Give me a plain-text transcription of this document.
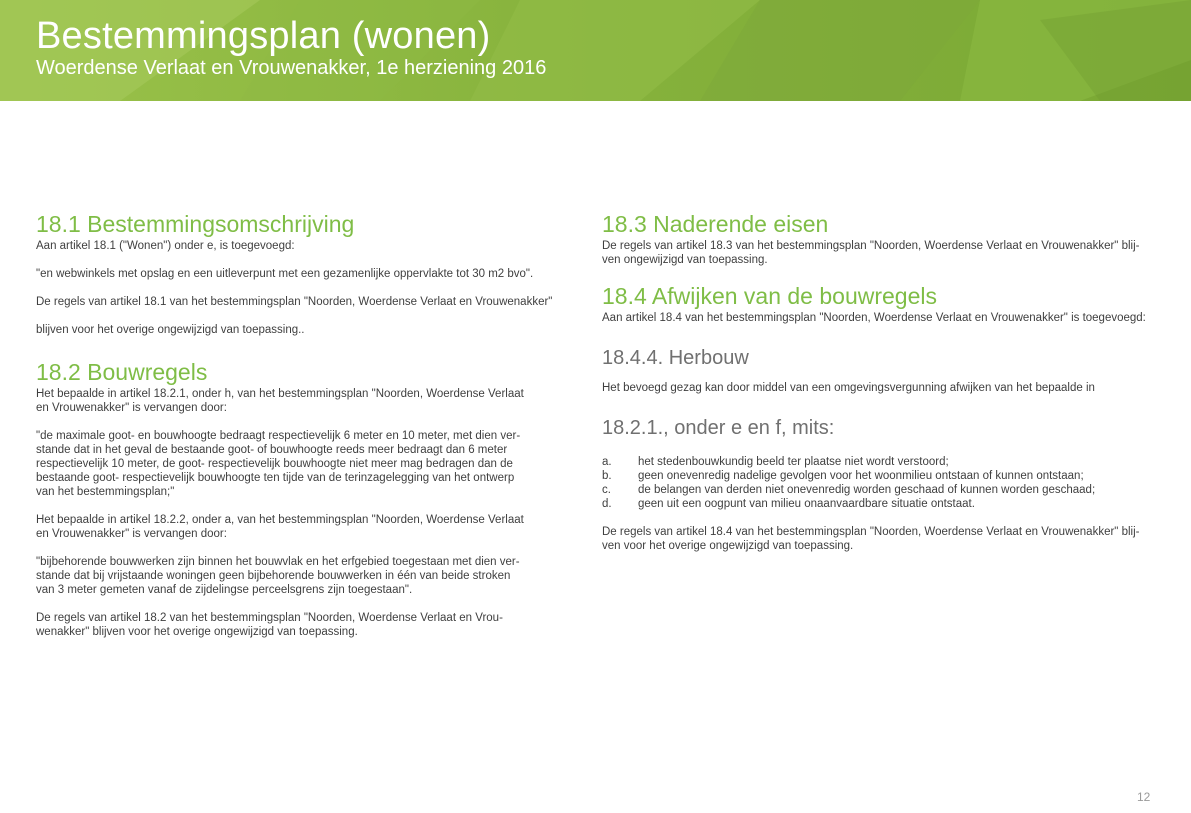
Bestemmingsplan (wonen)
Woerdense Verlaat en Vrouwenakker, 1e herziening 2016
18.1 Bestemmingsomschrijving

Aan artikel 18.1 ("Wonen") onder e, is toegevoegd:

"en webwinkels met opslag en een uitleverpunt met een gezamenlijke oppervlakte tot 30 m2 bvo".

De regels van artikel 18.1 van het bestemmingsplan "Noorden, Woerdense Verlaat en Vrouwenakker"

blijven voor het overige ongewijzigd van toepassing..

18.2 Bouwregels

Het bepaalde in artikel 18.2.1, onder h, van het bestemmingsplan "Noorden, Woerdense Verlaat
en Vrouwenakker" is vervangen door:

"de maximale goot- en bouwhoogte bedraagt respectievelijk 6 meter en 10 meter, met dien ver-
stande dat in het geval de bestaande goot- of bouwhoogte reeds meer bedraagt dan 6 meter
respectievelijk 10 meter, de goot- respectievelijk bouwhoogte niet meer mag bedragen dan de
bestaande goot- respectievelijk bouwhoogte ten tijde van de terinzagelegging van het ontwerp
van het bestemmingsplan;"

Het bepaalde in artikel 18.2.2, onder a, van het bestemmingsplan "Noorden, Woerdense Verlaat
en Vrouwenakker" is vervangen door:

"bijbehorende bouwwerken zijn binnen het bouwvlak en het erfgebied toegestaan met dien ver-
stande dat bij vrijstaande woningen geen bijbehorende bouwwerken in één van beide stroken
van 3 meter gemeten vanaf de zijdelingse perceelsgrens zijn toegestaan".

De regels van artikel 18.2 van het bestemmingsplan "Noorden, Woerdense Verlaat en Vrou-
wenakker" blijven voor het overige ongewijzigd van toepassing.

18.3 Naderende eisen

De regels van artikel 18.3 van het bestemmingsplan "Noorden, Woerdense Verlaat en Vrouwenakker" blij-
ven ongewijzigd van toepassing.

18.4 Afwijken van de bouwregels

Aan artikel 18.4 van het bestemmingsplan "Noorden, Woerdense Verlaat en Vrouwenakker" is toegevoegd:

18.4.4. Herbouw

Het bevoegd gezag kan door middel van een omgevingsvergunning afwijken van het bepaalde in

18.2.1., onder e en f, mits:
a.	het stedenbouwkundig beeld ter plaatse niet wordt verstoord;
b.	geen onevenredig nadelige gevolgen voor het woonmilieu ontstaan of kunnen ontstaan;
c.	de belangen van derden niet onevenredig worden geschaad of kunnen worden geschaad;
d.	geen uit een oogpunt van milieu onaanvaardbare situatie ontstaat.

De regels van artikel 18.4 van het bestemmingsplan "Noorden, Woerdense Verlaat en Vrouwenakker" blij-
ven voor het overige ongewijzigd van toepassing.

12
